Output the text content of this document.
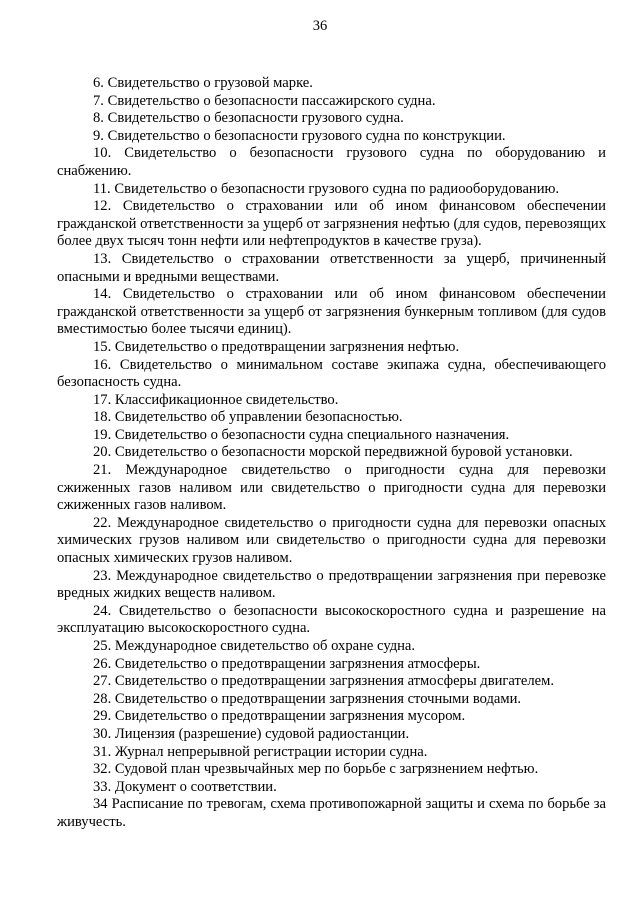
36

6. Свидетельство о грузовой марке.

7. Свидетельство о безопасности пассажирского судна.

8. Свидетельство о безопасности грузового судна.

9. Свидетельство о безопасности грузового судна по конструкции.

10. Свидетельство о безопасности грузового судна по оборудованию и снабжению.

11. Свидетельство о безопасности грузового судна по радиооборудованию.

12. Свидетельство о страховании или об ином финансовом обеспечении гражданской ответственности за ущерб от загрязнения нефтью (для судов, перевозящих более двух тысяч тонн нефти или нефтепродуктов в качестве груза).

13. Свидетельство о страховании ответственности за ущерб, причиненный опасными и вредными веществами.

14. Свидетельство о страховании или об ином финансовом обеспечении гражданской ответственности за ущерб от загрязнения бункерным топливом (для судов вместимостью более тысячи единиц).

15. Свидетельство о предотвращении загрязнения нефтью.

16. Свидетельство о минимальном составе экипажа судна, обеспечивающего безопасность судна.

17. Классификационное свидетельство.

18. Свидетельство об управлении безопасностью.

19. Свидетельство о безопасности судна специального назначения.

20. Свидетельство о безопасности морской передвижной буровой установки.

21. Международное свидетельство о пригодности судна для перевозки сжиженных газов наливом или свидетельство о пригодности судна для перевозки сжиженных газов наливом.

22. Международное свидетельство о пригодности судна для перевозки опасных химических грузов наливом или свидетельство о пригодности судна для перевозки опасных химических грузов наливом.

23. Международное свидетельство о предотвращении загрязнения при перевозке вредных жидких веществ наливом.

24. Свидетельство о безопасности высокоскоростного судна и разрешение на эксплуатацию высокоскоростного судна.

25. Международное свидетельство об охране судна.

26. Свидетельство о предотвращении загрязнения атмосферы.

27. Свидетельство о предотвращении загрязнения атмосферы двигателем.

28. Свидетельство о предотвращении загрязнения сточными водами.

29. Свидетельство о предотвращении загрязнения мусором.

30. Лицензия (разрешение) судовой радиостанции.

31. Журнал непрерывной регистрации истории судна.

32. Судовой план чрезвычайных мер по борьбе с загрязнением нефтью.

33. Документ о соответствии.

34 Расписание по тревогам, схема противопожарной защиты и схема по борьбе за живучесть.
